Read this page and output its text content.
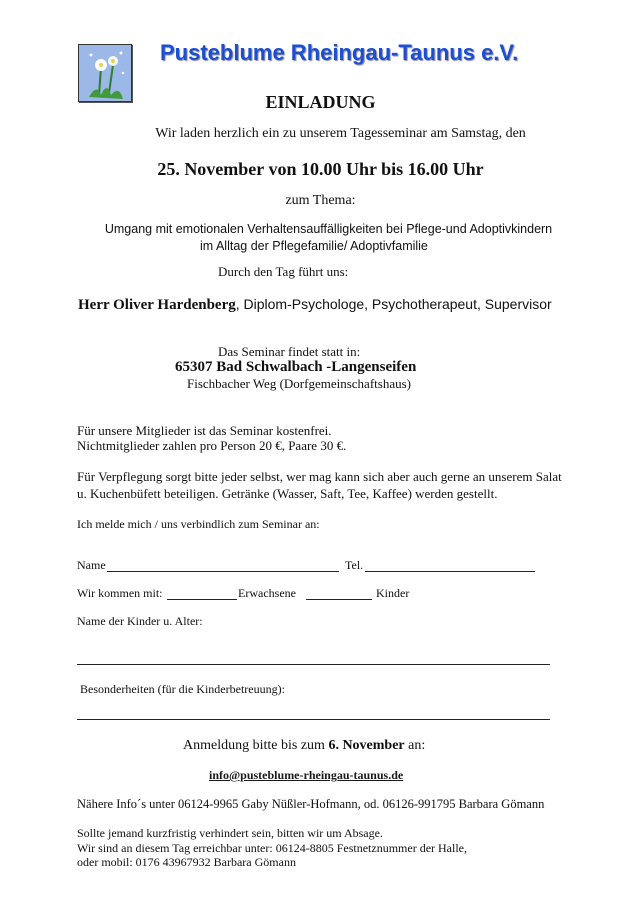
Pusteblume Rheingau-Taunus e.V.
EINLADUNG
Wir laden herzlich ein zu unserem Tagesseminar am Samstag, den
25. November von 10.00 Uhr bis 16.00 Uhr
zum Thema:
Umgang mit emotionalen Verhaltensauffälligkeiten bei Pflege-und Adoptivkindern
im Alltag der Pflegefamilie/ Adoptivfamilie
Durch den Tag führt uns:
Herr Oliver Hardenberg, Diplom-Psychologe, Psychotherapeut, Supervisor
Das Seminar findet statt in:
65307 Bad Schwalbach -Langenseifen
Fischbacher Weg (Dorfgemeinschaftshaus)
Für unsere Mitglieder ist das Seminar kostenfrei.
Nichtmitglieder zahlen pro Person 20 €, Paare 30 €.
Für Verpflegung sorgt bitte jeder selbst, wer mag kann sich aber auch gerne an unserem Salat
u. Kuchenbüfett beteiligen. Getränke (Wasser, Saft, Tee, Kaffee) werden gestellt.
Ich melde mich / uns verbindlich zum Seminar an:
Name	Tel.
Wir kommen mit:	Erwachsene	Kinder
Name der Kinder u. Alter:
Besonderheiten (für die Kinderbetreuung):
Anmeldung bitte bis zum 6. November an:
info@pusteblume-rheingau-taunus.de
Nähere Info´s unter 06124-9965 Gaby Nüßler-Hofmann, od. 06126-991795 Barbara Gömann
Sollte jemand kurzfristig verhindert sein, bitten wir um Absage.
Wir sind an diesem Tag erreichbar unter: 06124-8805 Festnetznummer der Halle,
oder mobil: 0176 43967932 Barbara Gömann
